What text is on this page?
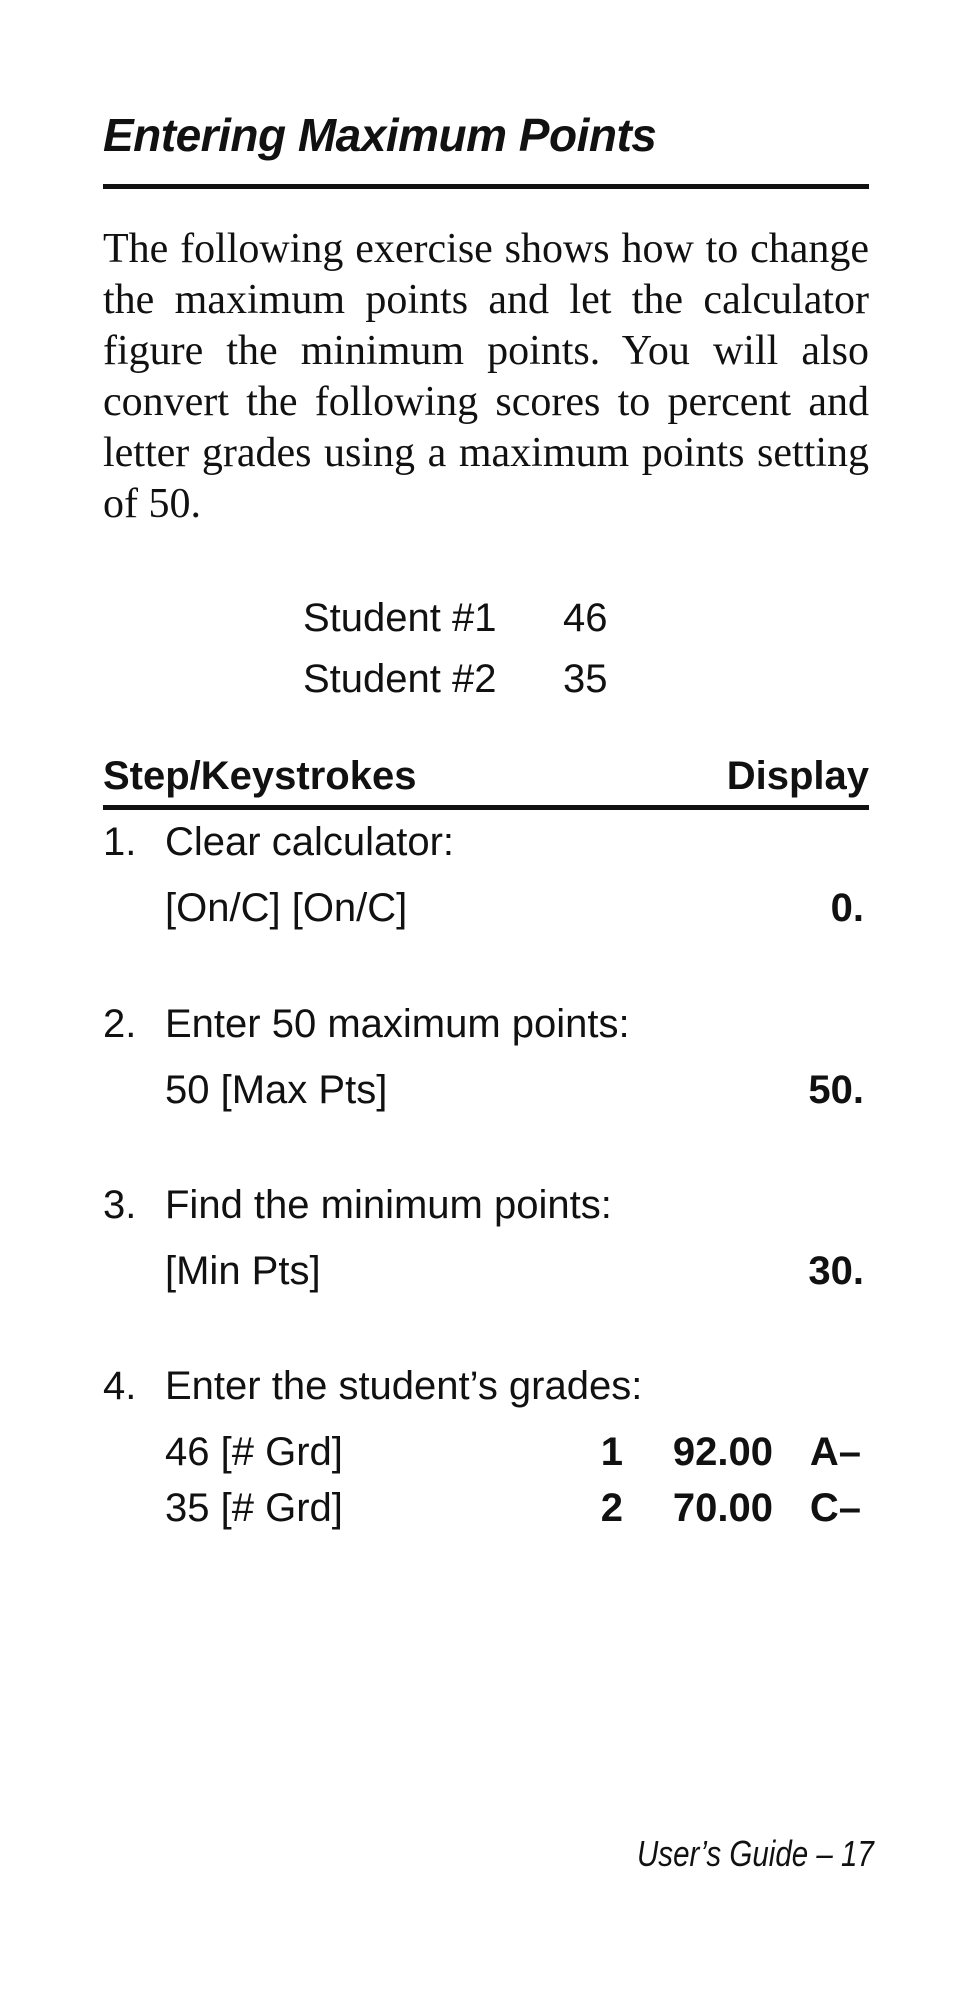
Entering Maximum Points
The following exercise shows how to change the maximum points and let the calculator figure the minimum points. You will also convert the following scores to percent and letter grades using a maximum points setting of 50.
Student #1	46
Student #2	35
Step/Keystrokes	Display
1. Clear calculator:
[On/C] [On/C]	0.
2. Enter 50 maximum points:
50 [Max Pts]	50.
3. Find the minimum points:
[Min Pts]	30.
4. Enter the student’s grades:
46 [# Grd]	1	92.00 A–
35 [# Grd]	2	70.00 C–
User’s Guide – 17
